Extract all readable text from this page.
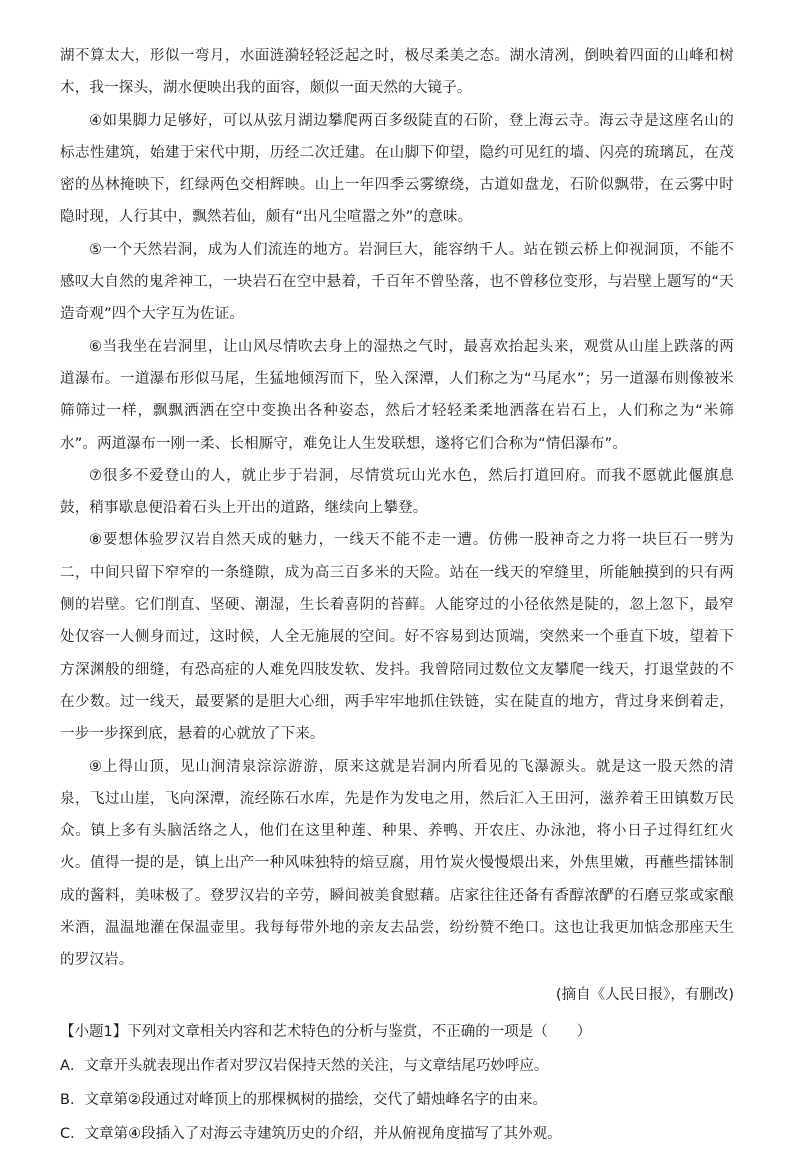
湖不算太大，形似一弯月，水面涟漪轻轻泛起之时，极尽柔美之态。湖水清冽，倒映着四面的山峰和树木，我一探头，湖水便映出我的面容，颇似一面天然的大镜子。

④如果脚力足够好，可以从弦月湖边攀爬两百多级陡直的石阶，登上海云寺。海云寺是这座名山的标志性建筑，始建于宋代中期，历经二次迁建。在山脚下仰望，隐约可见红的墙、闪亮的琉璃瓦，在茂密的丛林掩映下，红绿两色交相辉映。山上一年四季云雾缭绕，古道如盘龙，石阶似飘带，在云雾中时隐时现，人行其中，飘然若仙，颇有“出凡尘喧嚣之外”的意味。

⑤一个天然岩洞，成为人们流连的地方。岩洞巨大，能容纳千人。站在锁云桥上仰视洞顶，不能不感叹大自然的鬼斧神工，一块岩石在空中悬着，千百年不曾坠落，也不曾移位变形，与岩壁上题写的“天造奇观”四个大字互为佐证。

⑥当我坐在岩洞里，让山风尽情吹去身上的湿热之气时，最喜欢抬起头来，观赏从山崖上跌落的两道瀑布。一道瀑布形似马尾，生猛地倾泻而下，坠入深潭，人们称之为“马尾水”；另一道瀑布则像被米筛筛过一样，飘飘洒洒在空中变换出各种姿态，然后才轻轻柔柔地洒落在岩石上，人们称之为“米筛水”。两道瀑布一刚一柔、长相厮守，难免让人生发联想，遂将它们合称为“情侣瀑布”。

⑦很多不爱登山的人，就止步于岩洞，尽情赏玩山光水色，然后打道回府。而我不愿就此偃旗息鼓，稍事歇息便沿着石头上开出的道路，继续向上攀登。

⑧要想体验罗汉岩自然天成的魅力，一线天不能不走一遭。仿佛一股神奇之力将一块巨石一劈为二，中间只留下窄窄的一条缝隙，成为高三百多米的天险。站在一线天的窄缝里，所能触摸到的只有两侧的岩壁。它们削直、坚硬、潮湿，生长着喜阴的苔藓。人能穿过的小径依然是陡的，忽上忽下，最窄处仅容一人侧身而过，这时候，人全无施展的空间。好不容易到达顶端，突然来一个垂直下坡，望着下方深渊般的细缝，有恐高症的人难免四肢发软、发抖。我曾陪同过数位文友攀爬一线天，打退堂鼓的不在少数。过一线天，最要紧的是胆大心细，两手牢牢地抓住铁链，实在陡直的地方，背过身来倒着走，一步一步探到底，悬着的心就放了下来。

⑨上得山顶，见山涧清泉淙淙游游，原来这就是岩洞内所看见的飞瀑源头。就是这一股天然的清泉，飞过山崖，飞向深潭，流经陈石水库，先是作为发电之用，然后汇入王田河，滋养着王田镇数万民众。镇上多有头脑活络之人，他们在这里种莲、种果、养鸭、开农庄、办泳池，将小日子过得红红火火。值得一提的是，镇上出产一种风味独特的焙豆腐，用竹炭火慢慢煨出来，外焦里嫩，再蘸些擂钵制成的酱料，美味极了。登罗汉岩的辛劳，瞬间被美食慰藉。店家往往还备有香醇浓酽的石磨豆浆或家酿米酒，温温地灌在保温壶里。我每每带外地的亲友去品尝，纷纷赞不绝口。这也让我更加惦念那座天生的罗汉岩。

(摘自《人民日报》，有删改)

【小题1】下列对文章相关内容和艺术特色的分析与鉴赏，不正确的一项是（　　）

A．文章开头就表现出作者对罗汉岩保持天然的关注，与文章结尾巧妙呼应。

B．文章第②段通过对峰顶上的那棵枫树的描绘，交代了蜡烛峰名字的由来。

C．文章第④段插入了对海云寺建筑历史的介绍，并从俯视角度描写了其外观。
